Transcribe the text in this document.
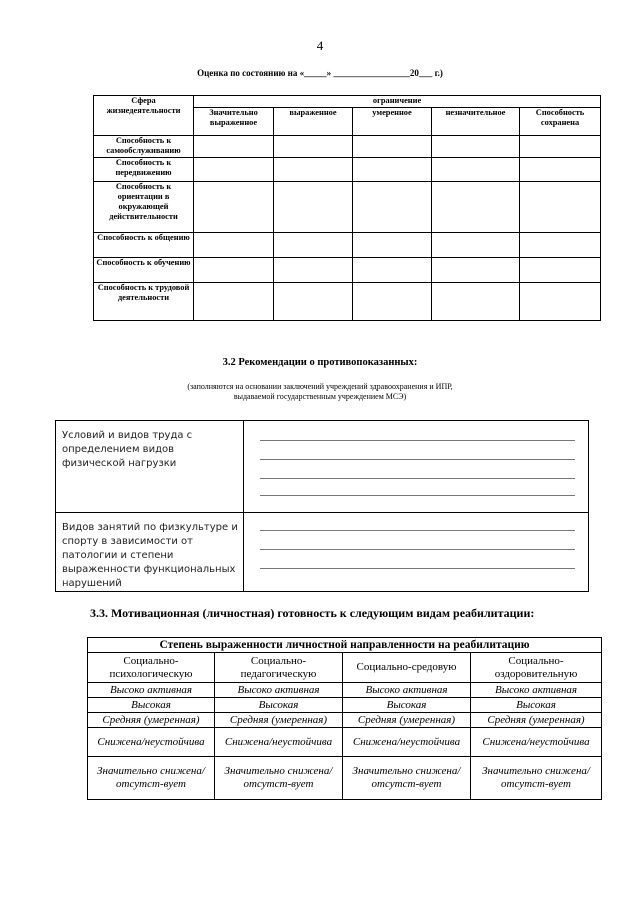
4
Оценка по состоянию на «_____» _________________20___ г.)
Сфера жизнедеятельности	ограничение				
	Значительно выраженное	выраженное	умеренное	незначительное	Способность сохранена
Способность к самообслуживанию					
Способность к передвижению					
Способность к ориентации в окружающей действительности					
Способность к общению					
Способность к обучению					
Способность к трудовой деятельности					
3.2 Рекомендации о противопоказанных:
(заполняются на основании заключений учреждений здравоохранения и ИПР,
выдаваемой государственным учреждением МСЭ)
Условий и видов труда с определением видов физической нагрузки	

Видов занятий по физкультуре и спорту в зависимости от патологии и степени выраженности функциональных нарушений	
3.3. Мотивационная (личностная) готовность к следующим видам реабилитации:
Степень выраженности личностной направленности на реабилитацию			
Социально-психологическую	Социально-педагогическую	Социально-средовую	Социально-оздоровительную
Высоко активная	Высоко активная	Высоко активная	Высоко активная
Высокая	Высокая	Высокая	Высокая
Средняя (умеренная)	Средняя (умеренная)	Средняя (умеренная)	Средняя (умеренная)
Снижена/неустойчива	Снижена/неустойчива	Снижена/неустойчива	Снижена/неустойчива
Значительно снижена/отсутст-вует	Значительно снижена/отсутст-вует	Значительно снижена/отсутст-вует	Значительно снижена/отсутст-вует
